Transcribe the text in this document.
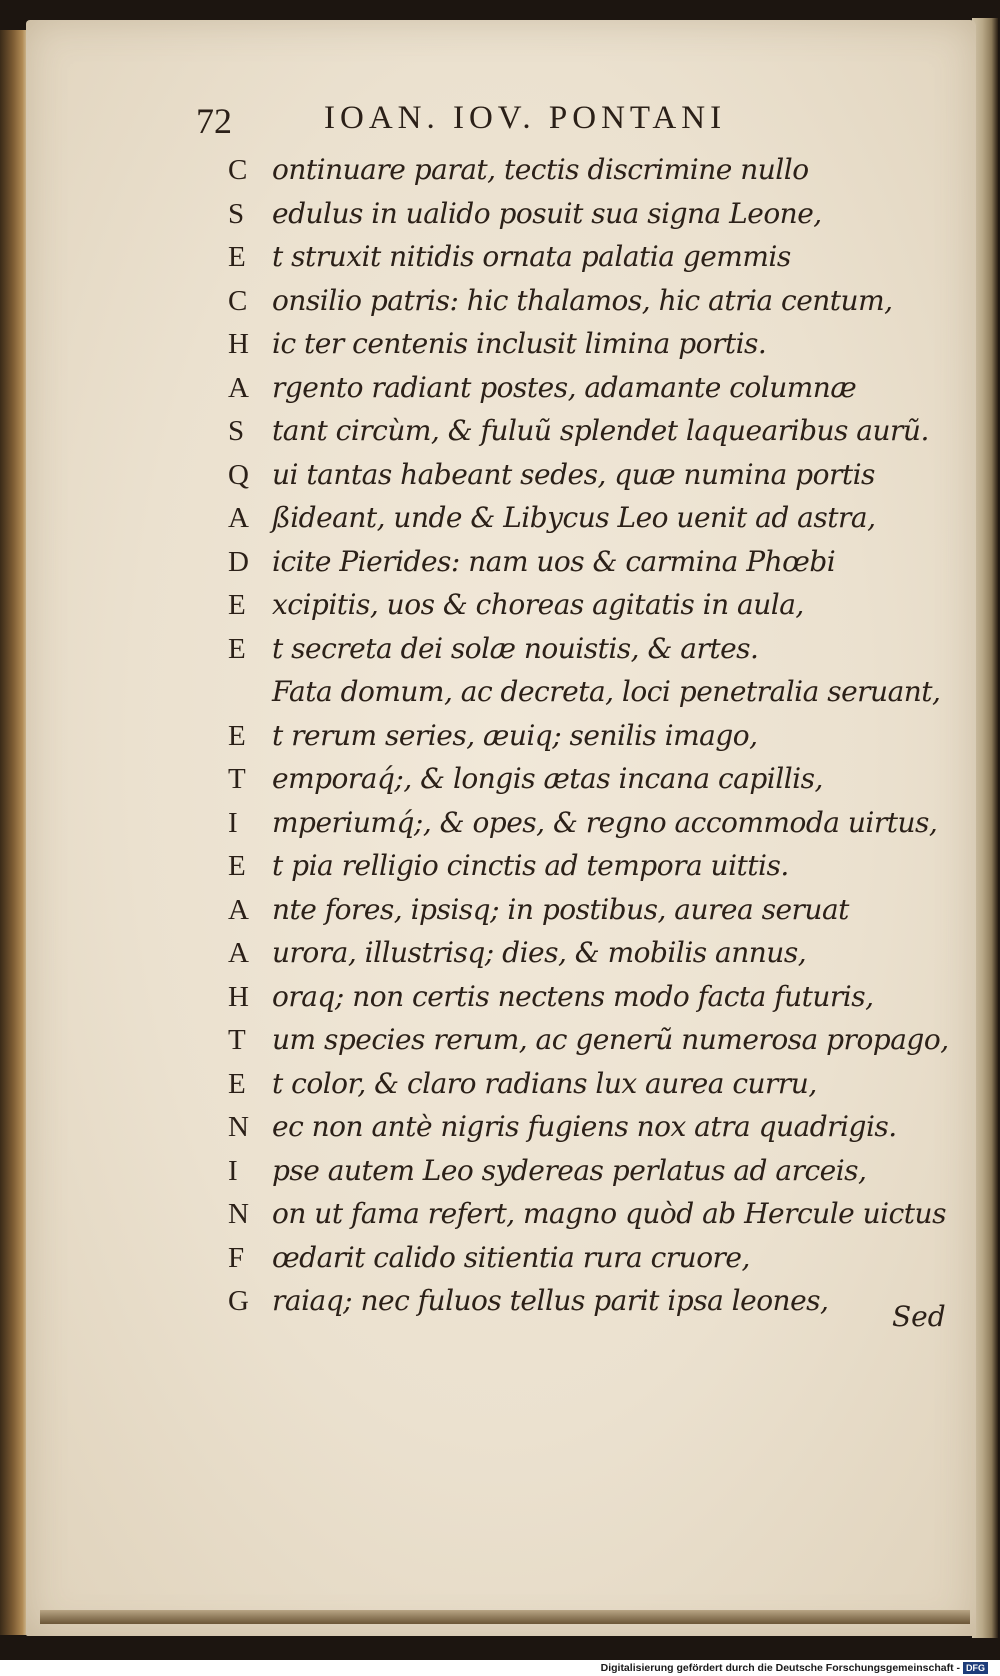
72	IOAN. IOV. PONTANI
C ontinuare parat, tectis discrimine nullo
S edulus in ualido posuit sua signa Leone,
E t struxit nitidis ornata palatia gemmis
C onsilio patris: hic thalamos, hic atria centum,
H ic ter centenis inclusit limina portis.
A rgento radiant postes, adamante columnæ
S tant circùm, & fuluũ splendet laquearibus aurũ.
Q ui tantas habeant sedes, quæ numina portis
A ßideant, unde & Libycus Leo uenit ad astra,
D icite Pierides: nam uos & carmina Phœbi
E xcipitis, uos & choreas agitatis in aula,
E t secreta dei solæ nouistis, & artes.
Fata domum, ac decreta, loci penetralia seruant,
E t rerum series, æuiq; senilis imago,
T emporaq́;, & longis ætas incana capillis,
I	mperiumq́;, & opes, & regno accommoda uirtus,
E t pia relligio cinctis ad tempora uittis.
A nte fores, ipsisq; in postibus, aurea seruat
A urora, illustrisq; dies, & mobilis annus,
H oraq; non certis nectens modo facta futuris,
T um species rerum, ac generũ numerosa propago,
E t color, & claro radians lux aurea curru,
N ec non antè nigris fugiens nox atra quadrigis.
I	pse autem Leo sydereas perlatus ad arceis,
N on ut fama refert, magno quòd ab Hercule uictus
F œdarit calido sitientia rura cruore,
G raiaq; nec fuluos tellus parit ipsa leones, Sed
Digitalisierung gefördert durch die Deutsche Forschungsgemeinschaft - DFG
